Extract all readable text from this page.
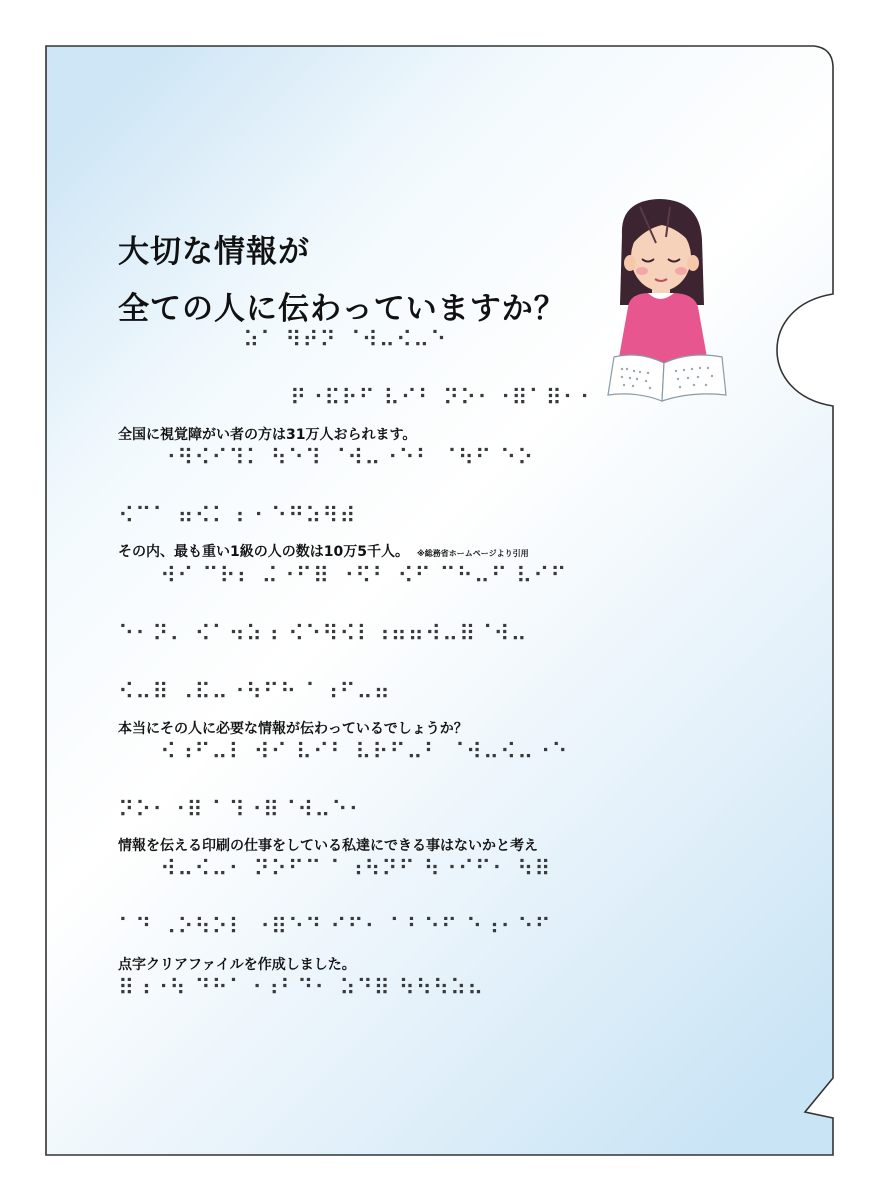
大切な情報が
全ての人に伝わっていますか？
⠵⠁ ⠻⠞⠝ ⠈⠺⠤⠪⠤⠑
⠟⠐⠯⠗⠋ ⠧⠊⠃ ⠝⠕⠂⠐⠿⠁⠿⠂⠂
全国に視覚障がい者の方は31万人おられます。
⠐⠻⠪⠊⠹⠅ ⠳⠑⠹ ⠈⠺⠤⠐⠑⠃ ⠈⠳⠋ ⠑⠕
⠪⠉⠁ ⠶⠪⠅⠰ ⠂⠑⠛⠵⠻⠾
その内、最も重い1級の人の数は10万5千人。 ※総務省ホームページより引用
⠺⠊ ⠉⠗⠆ ⠬⠐⠋⠿ ⠐⠫⠃ ⠪⠋ ⠉⠓⠤⠋ ⠧⠊⠋
⠑⠂⠝⠄ ⠪⠁⠲⠵⠰ ⠪⠑⠻⠪⠇⠰⠶⠶⠺⠤⠿⠈⠺⠤
⠪⠤⠿ ⠠⠯⠤⠐⠳⠋⠓ ⠁⠰⠋⠤⠶
本当にその人に必要な情報が伝わっているでしょうか？
⠪⠰⠋⠤⠇ ⠺⠊ ⠧⠊⠃ ⠧⠗⠋⠤⠃ ⠈⠺⠤⠪⠤⠐⠑
⠝⠕⠂⠐⠿ ⠁⠹⠐⠿⠈⠺⠤⠑⠂
情報を伝える印刷の仕事をしている私達にできる事はないかと考え
⠺⠤⠪⠤⠂ ⠝⠕⠋⠉ ⠁⠰⠳⠝⠋ ⠳⠐⠊⠋⠂ ⠳⠿
⠁⠙ ⠠⠕⠳⠕⠇ ⠐⠿⠑⠙ ⠊⠋⠂ ⠁⠃⠑⠋ ⠑⠰⠂⠑⠋
点字クリアファイルを作成しました。
⠿⠰⠐⠳ ⠙⠓⠁⠐⠰⠃⠙⠂ ⠵⠙⠿ ⠳⠳⠳⠵⠦
